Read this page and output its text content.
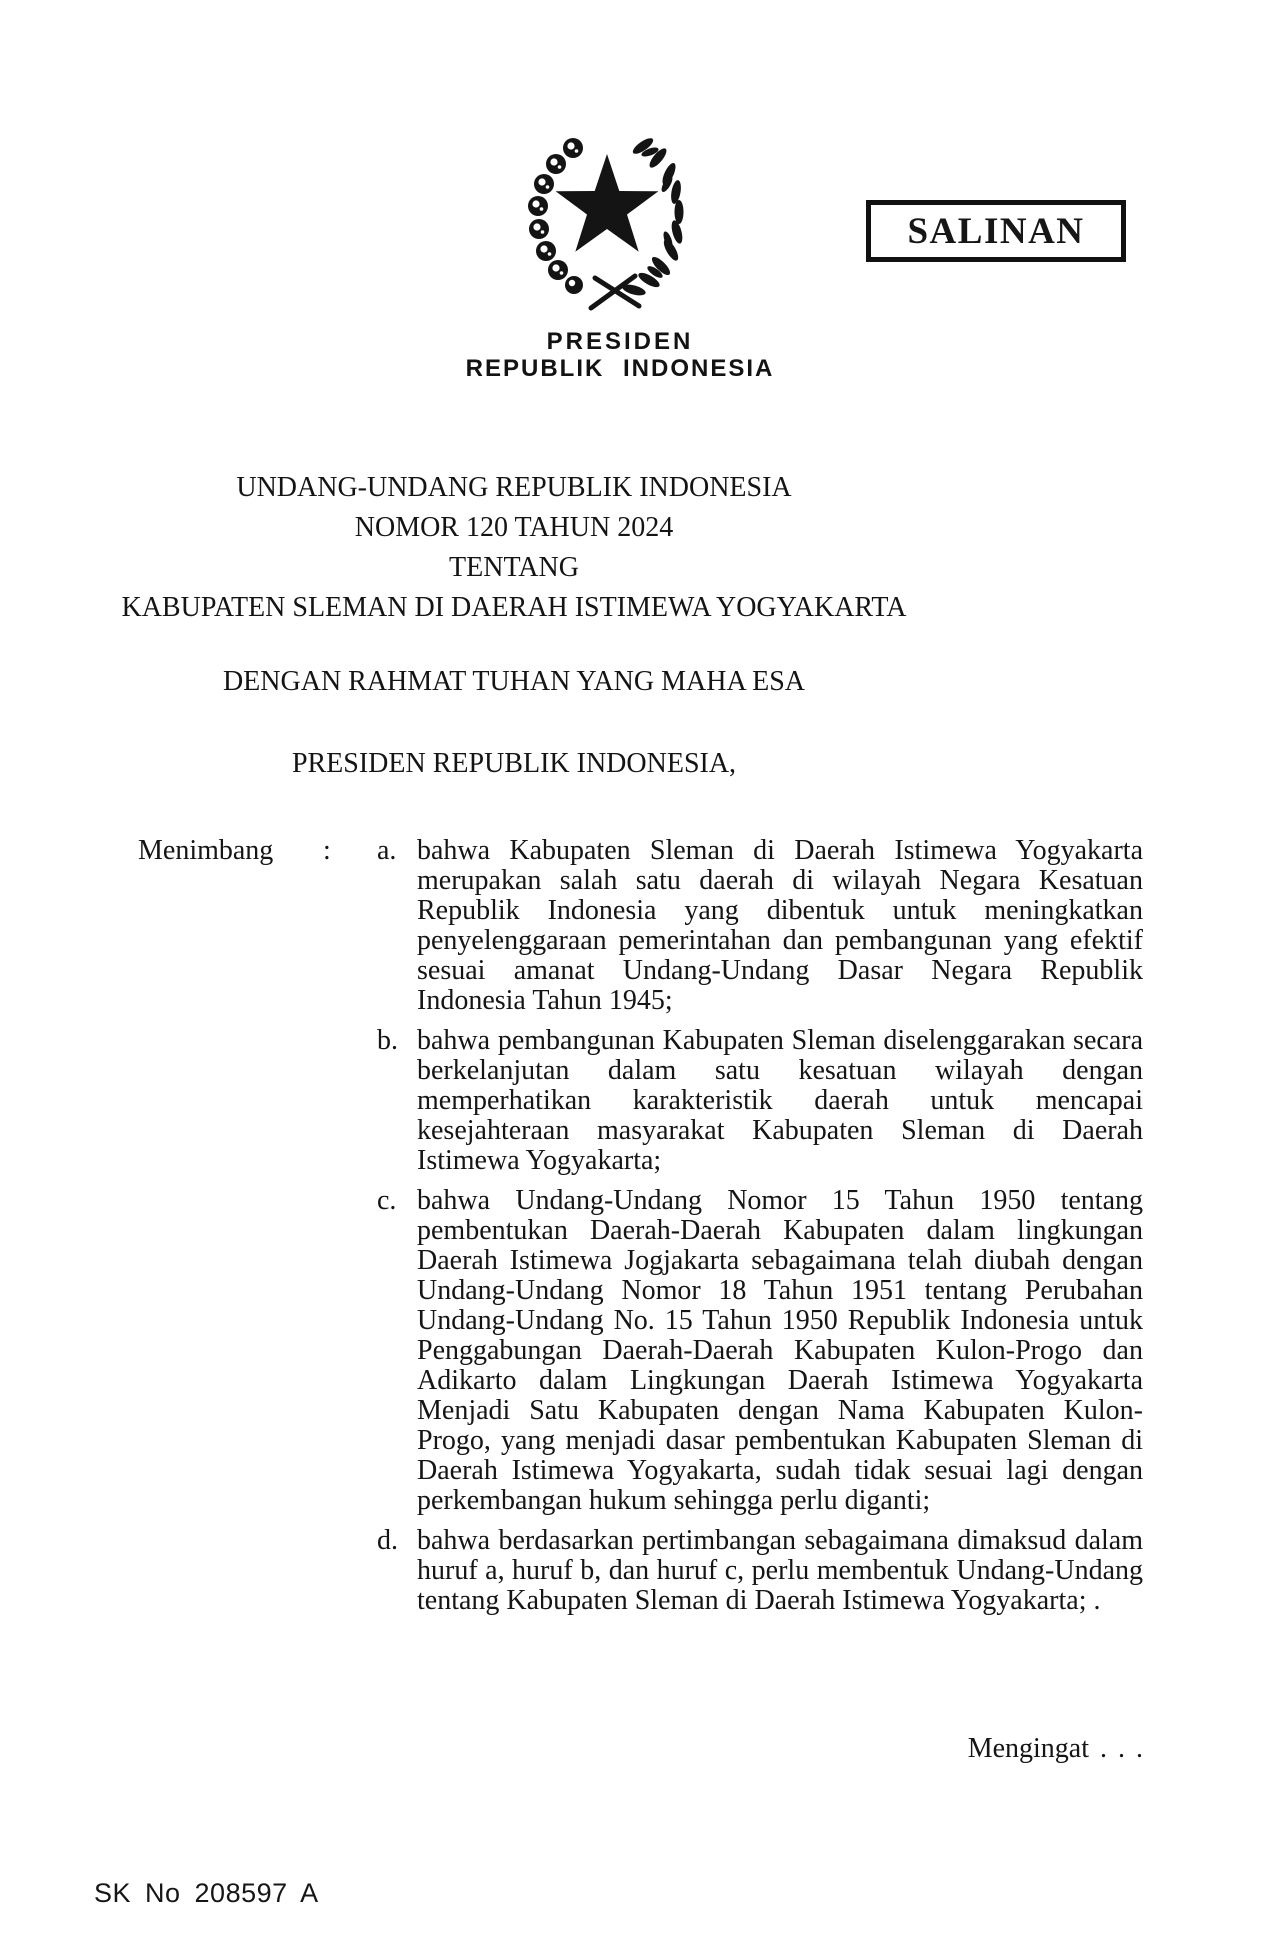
SALINAN
PRESIDEN
REPUBLIK INDONESIA
UNDANG-UNDANG REPUBLIK INDONESIA
NOMOR 120 TAHUN 2024
TENTANG
KABUPATEN SLEMAN DI DAERAH ISTIMEWA YOGYAKARTA
DENGAN RAHMAT TUHAN YANG MAHA ESA
PRESIDEN REPUBLIK INDONESIA,
Menimbang	:	a. bahwa Kabupaten Sleman di Daerah Istimewa Yogyakarta merupakan salah satu daerah di wilayah Negara Kesatuan Republik Indonesia yang dibentuk untuk meningkatkan penyelenggaraan pemerintahan dan pembangunan yang efektif sesuai amanat Undang-Undang Dasar Negara Republik Indonesia Tahun 1945;
b. bahwa pembangunan Kabupaten Sleman diselenggarakan secara berkelanjutan dalam satu kesatuan wilayah dengan memperhatikan karakteristik daerah untuk mencapai kesejahteraan masyarakat Kabupaten Sleman di Daerah Istimewa Yogyakarta;
c. bahwa Undang-Undang Nomor 15 Tahun 1950 tentang pembentukan Daerah-Daerah Kabupaten dalam lingkungan Daerah Istimewa Jogjakarta sebagaimana telah diubah dengan Undang-Undang Nomor 18 Tahun 1951 tentang Perubahan Undang-Undang No. 15 Tahun 1950 Republik Indonesia untuk Penggabungan Daerah-Daerah Kabupaten Kulon-Progo dan Adikarto dalam Lingkungan Daerah Istimewa Yogyakarta Menjadi Satu Kabupaten dengan Nama Kabupaten Kulon-Progo, yang menjadi dasar pembentukan Kabupaten Sleman di Daerah Istimewa Yogyakarta, sudah tidak sesuai lagi dengan perkembangan hukum sehingga perlu diganti;
d. bahwa berdasarkan pertimbangan sebagaimana dimaksud dalam huruf a, huruf b, dan huruf c, perlu membentuk Undang-Undang tentang Kabupaten Sleman di Daerah Istimewa Yogyakarta; .
Mengingat . . .
SK No 208597 A
